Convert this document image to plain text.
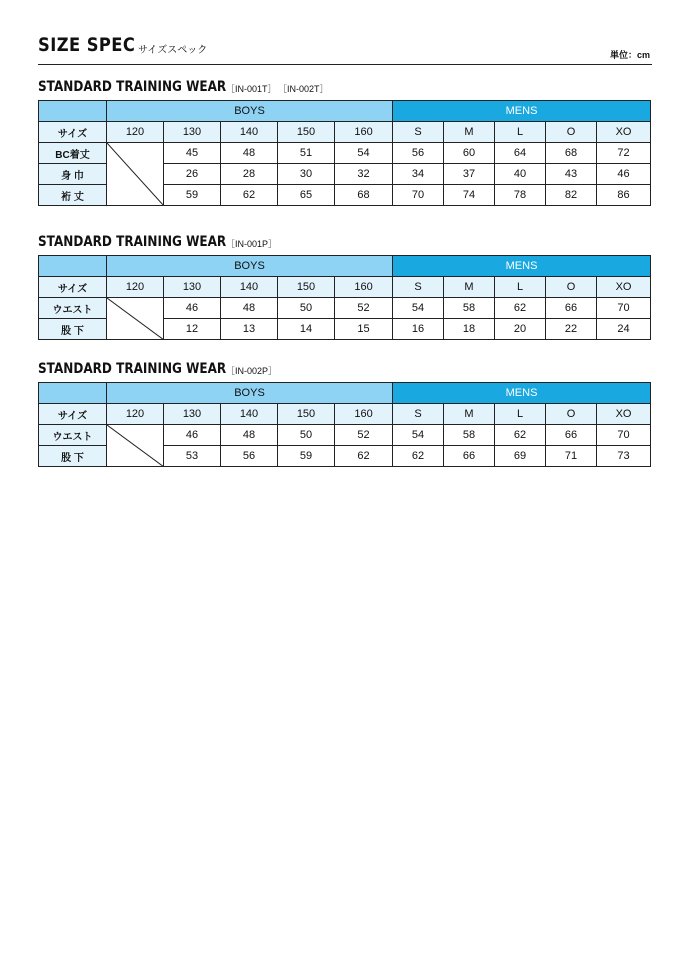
SIZE SPEC サイズスペック	単位：cm
STANDARD TRAINING WEAR ［IN-001T］ ［IN-002T］
	BOYS					MENS				
サイズ	120	130	140	150	160	S	M	L	O	XO
BC着丈		45	48	51	54	56	60	64	68	72
身 巾		26	28	30	32	34	37	40	43	46
裄 丈		59	62	65	68	70	74	78	82	86
STANDARD TRAINING WEAR ［IN-001P］
	BOYS					MENS				
サイズ	120	130	140	150	160	S	M	L	O	XO
ウエスト		46	48	50	52	54	58	62	66	70
股 下		12	13	14	15	16	18	20	22	24
STANDARD TRAINING WEAR ［IN-002P］
	BOYS					MENS				
サイズ	120	130	140	150	160	S	M	L	O	XO
ウエスト		46	48	50	52	54	58	62	66	70
股 下		53	56	59	62	62	66	69	71	73
